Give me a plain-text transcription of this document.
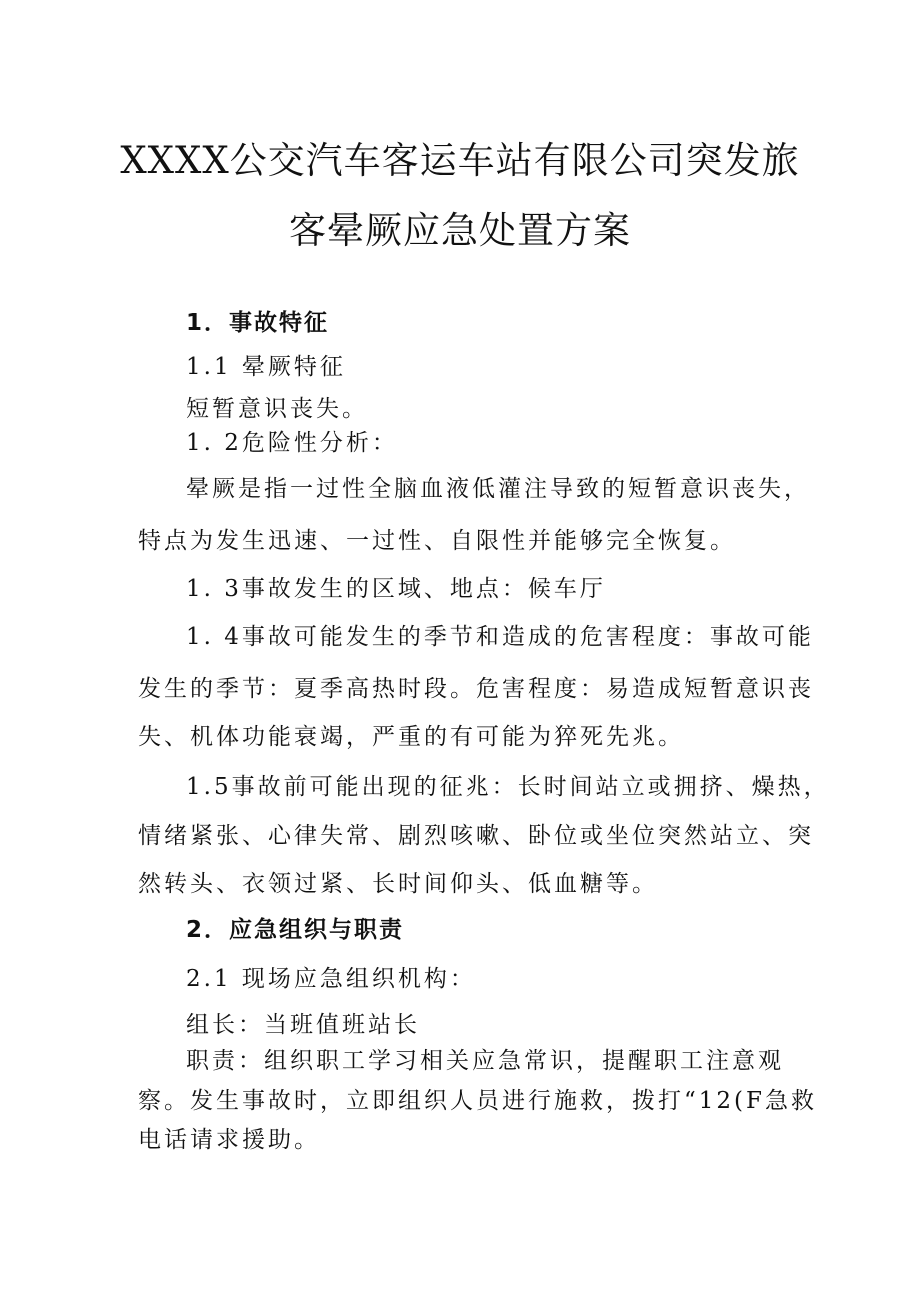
XXXX公交汽车客运车站有限公司突发旅
客晕厥应急处置方案
1．事故特征
1.1 晕厥特征
短暂意识丧失。
1. 2危险性分析：
晕厥是指一过性全脑血液低灌注导致的短暂意识丧失，
特点为发生迅速、一过性、自限性并能够完全恢复。
1. 3事故发生的区域、地点：候车厅
1. 4事故可能发生的季节和造成的危害程度：事故可能
发生的季节：夏季高热时段。危害程度：易造成短暂意识丧
失、机体功能衰竭，严重的有可能为猝死先兆。
1.5事故前可能出现的征兆：长时间站立或拥挤、燥热，
情绪紧张、心律失常、剧烈咳嗽、卧位或坐位突然站立、突
然转头、衣领过紧、长时间仰头、低血糖等。
2．应急组织与职责
2.1 现场应急组织机构：
组长：当班值班站长
职责：组织职工学习相关应急常识，提醒职工注意观
察。发生事故时，立即组织人员进行施救，拨打“12(F急救
电话请求援助。
